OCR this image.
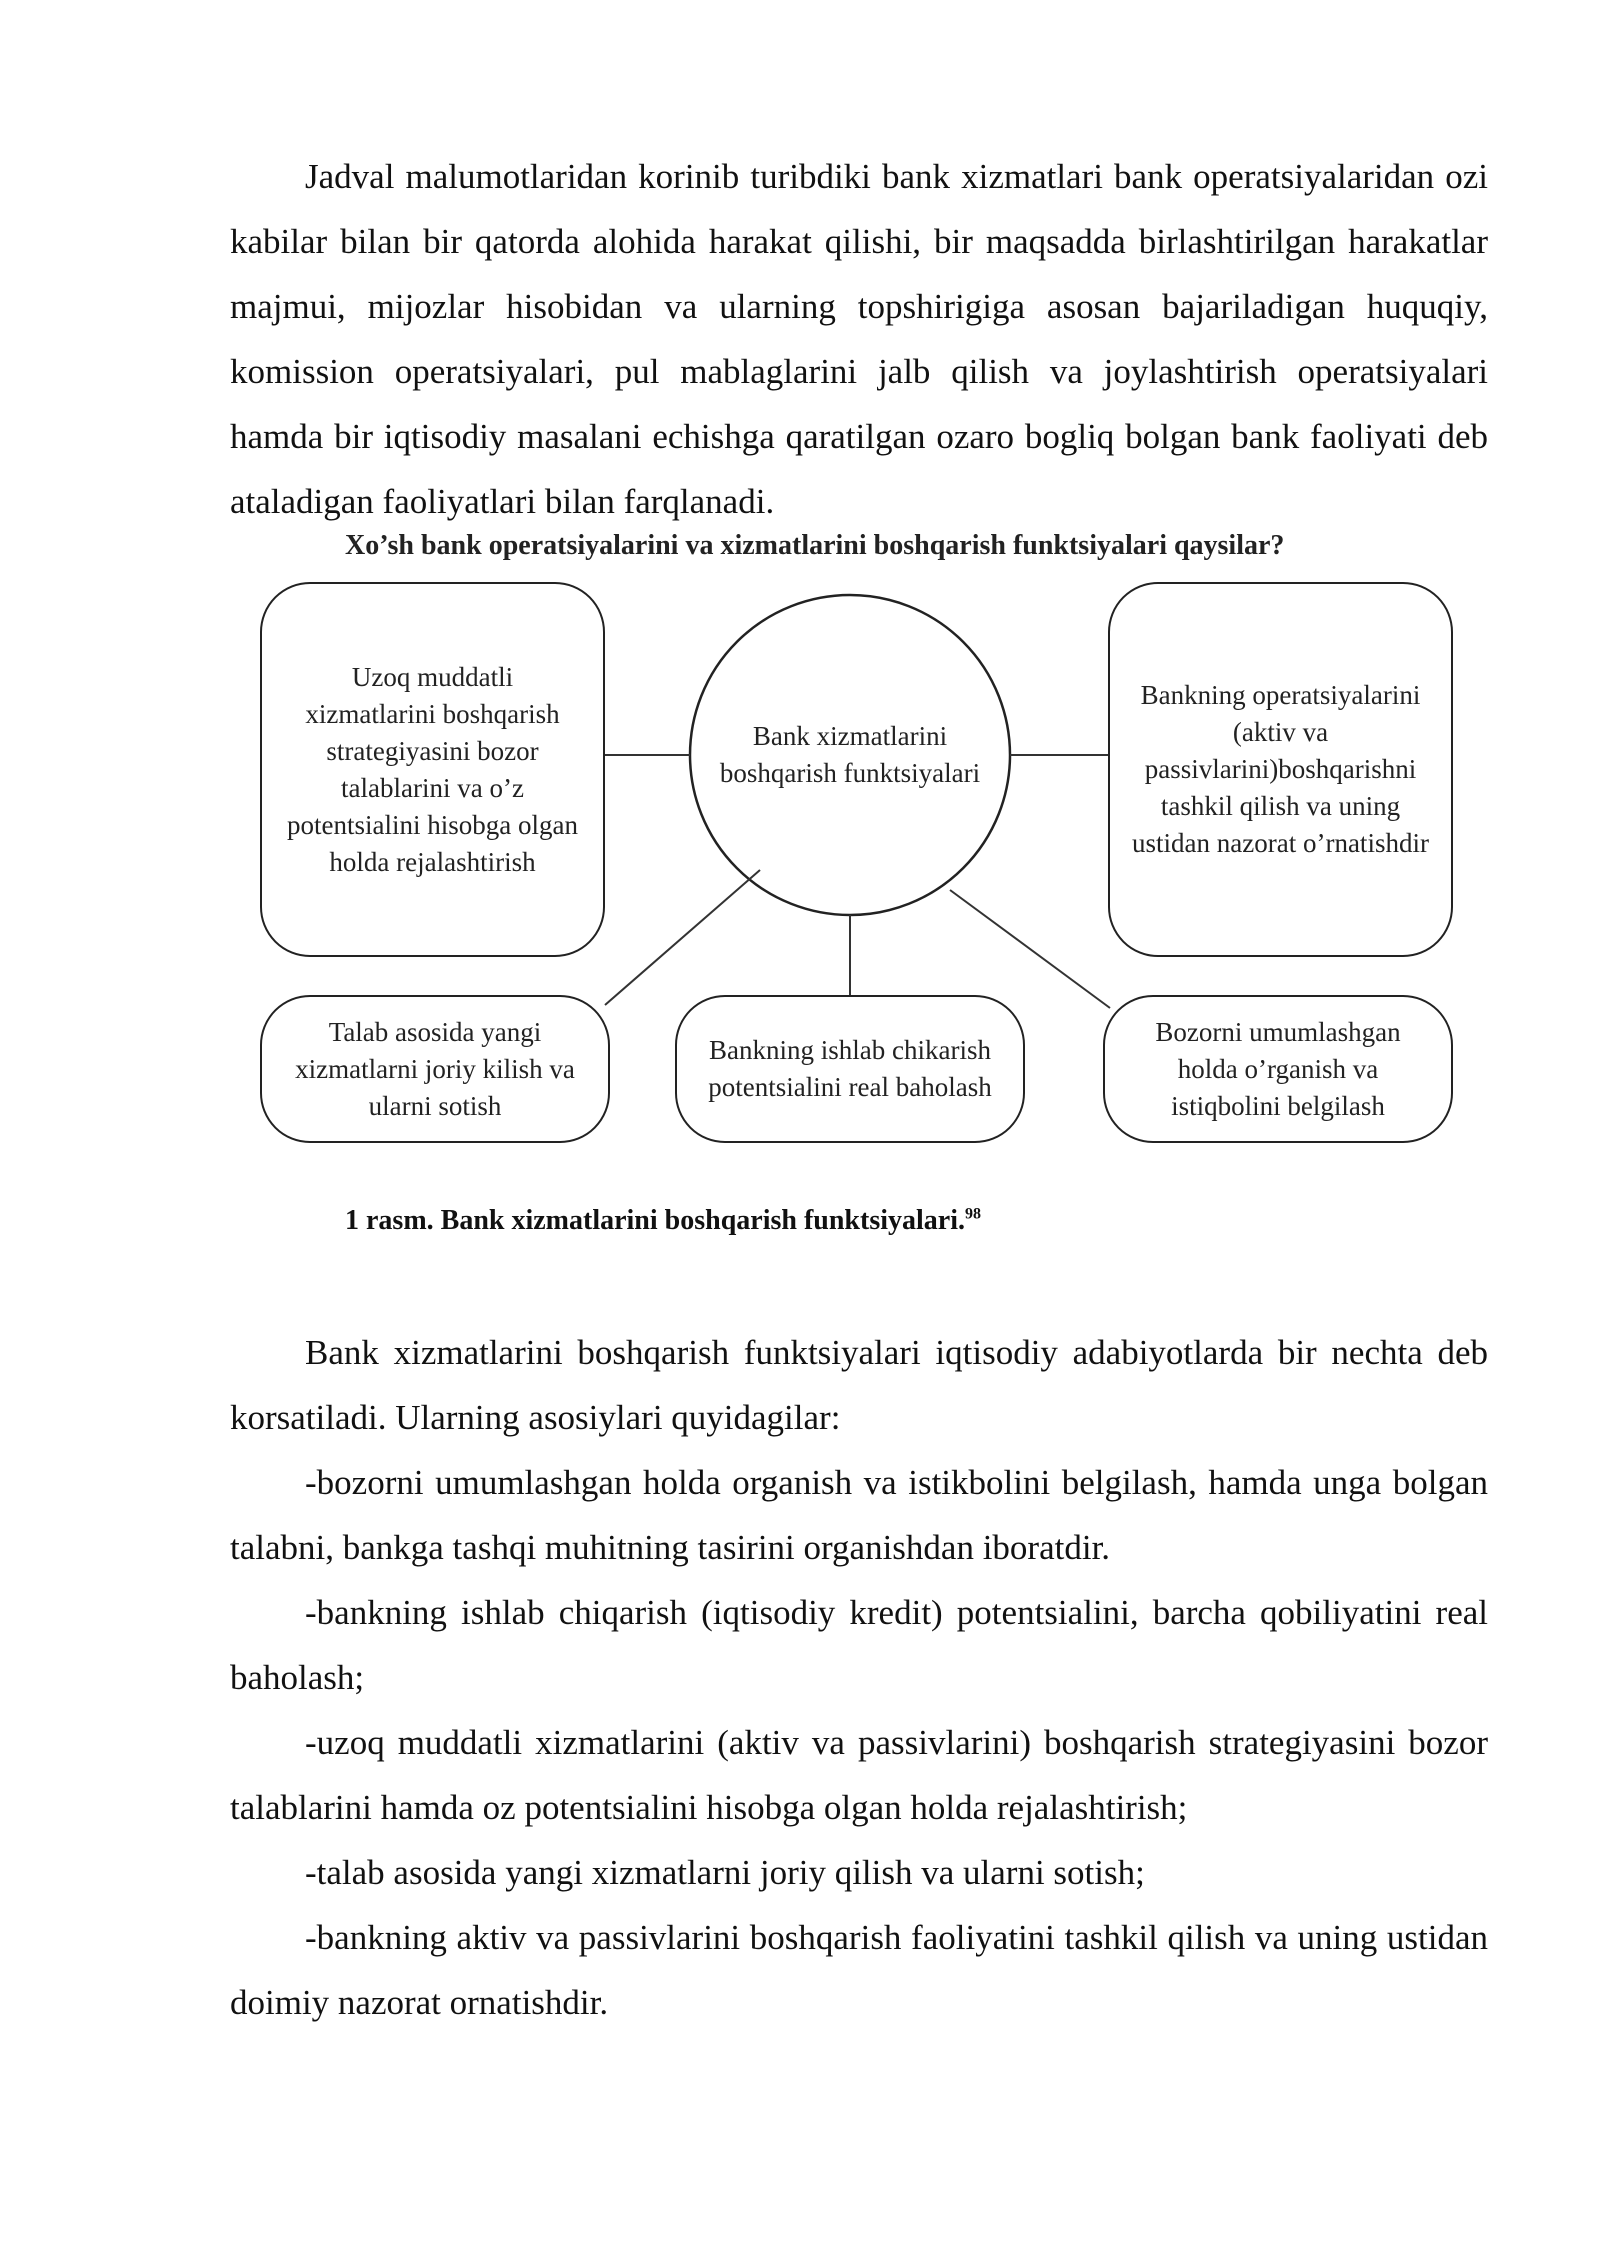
Jadval malumotlaridan korinib turibdiki bank xizmatlari bank operatsiyalaridan ozi kabilar bilan bir qatorda alohida harakat qilishi, bir maqsadda birlashtirilgan harakatlar majmui, mijozlar hisobidan va ularning topshirigiga asosan bajariladigan huquqiy, komission operatsiyalari, pul mablaglarini jalb qilish va joylashtirish operatsiyalari hamda bir iqtisodiy masalani echishga qaratilgan ozaro bogliq bolgan bank faoliyati deb ataladigan faoliyatlari bilan farqlanadi.

Xo’sh bank operatsiyalarini va xizmatlarini boshqarish funktsiyalari qaysilar?
Uzoq muddatli xizmatlarini boshqarish strategiyasini bozor talablarini va o’z potentsialini hisobga olgan holda rejalashtirish
Bank xizmatlarini boshqarish funktsiyalari
Bankning operatsiyalarini (aktiv va passivlarini)boshqarishni tashkil qilish va uning ustidan nazorat o’rnatishdir
Talab asosida yangi xizmatlarni joriy kilish va ularni sotish
Bankning ishlab chikarish potentsialini real baholash
Bozorni umumlashgan holda o’rganish va istiqbolini belgilash
1 rasm. Bank xizmatlarini boshqarish funktsiyalari.$^{98}$

Bank xizmatlarini boshqarish funktsiyalari iqtisodiy adabiyotlarda bir nechta deb korsatiladi. Ularning asosiylari quyidagilar:

-bozorni umumlashgan holda organish va istikbolini belgilash, hamda unga bolgan talabni, bankga tashqi muhitning tasirini organishdan iboratdir.
-bankning ishlab chiqarish (iqtisodiy kredit) potentsialini, barcha qobiliyatini real baholash;
-uzoq muddatli xizmatlarini (aktiv va passivlarini) boshqarish strategiyasini bozor talablarini hamda oz potentsialini hisobga olgan holda rejalashtirish;
-talab asosida yangi xizmatlarni joriy qilish va ularni sotish;
-bankning aktiv va passivlarini boshqarish faoliyatini tashkil qilish va uning ustidan doimiy nazorat ornatishdir.
